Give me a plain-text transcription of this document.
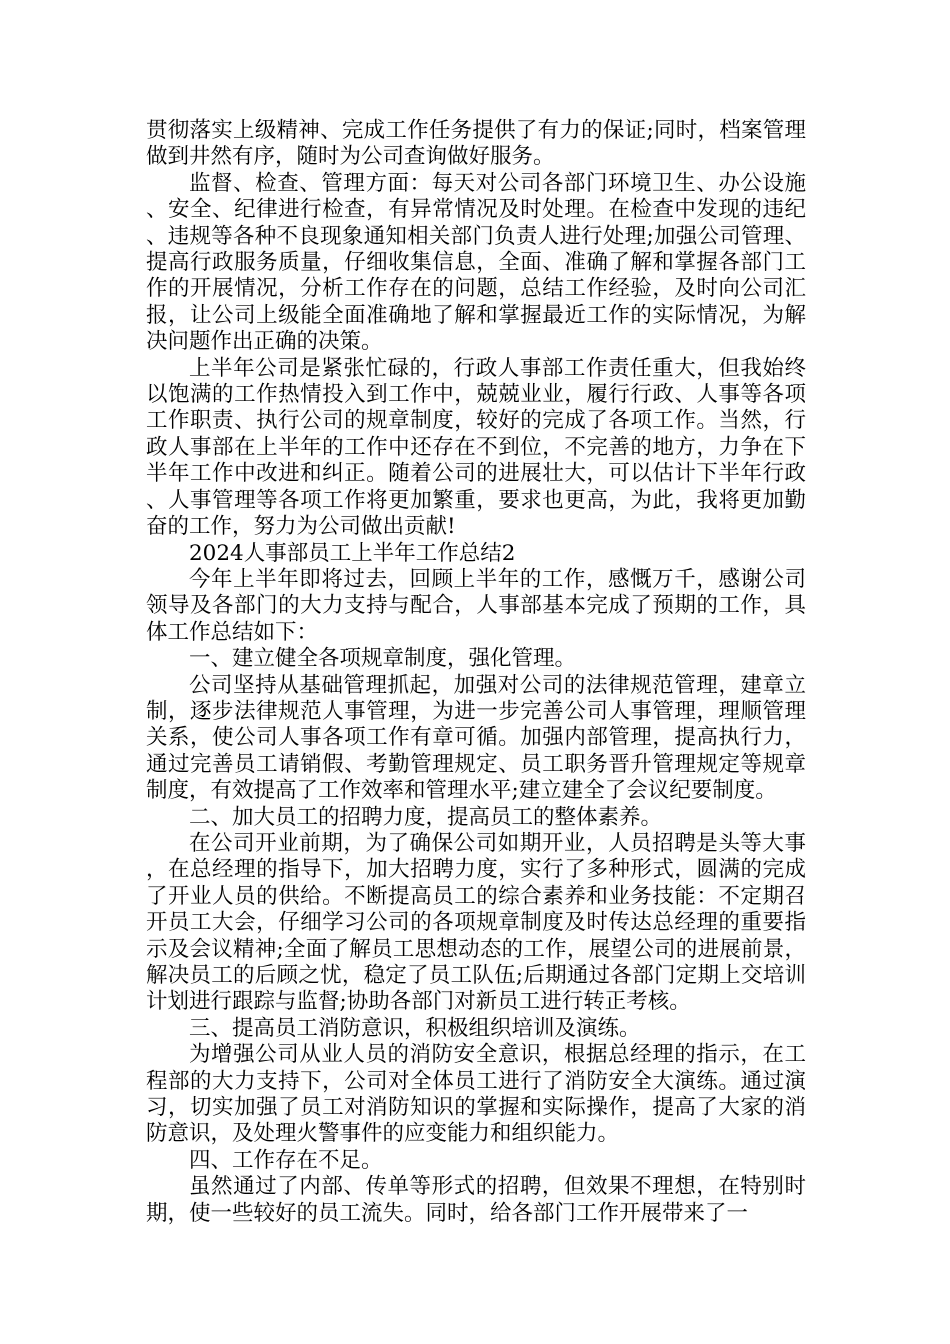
贯彻落实上级精神、完成工作任务提供了有力的保证;同时，档案管理做到井然有序，随时为公司查询做好服务。

监督、检查、管理方面：每天对公司各部门环境卫生、办公设施、安全、纪律进行检查，有异常情况及时处理。在检查中发现的违纪、违规等各种不良现象通知相关部门负责人进行处理;加强公司管理、提高行政服务质量，仔细收集信息，全面、准确了解和掌握各部门工作的开展情况，分析工作存在的问题，总结工作经验，及时向公司汇报，让公司上级能全面准确地了解和掌握最近工作的实际情况，为解决问题作出正确的决策。

上半年公司是紧张忙碌的，行政人事部工作责任重大，但我始终以饱满的工作热情投入到工作中，兢兢业业，履行行政、人事等各项工作职责、执行公司的规章制度，较好的完成了各项工作。当然，行政人事部在上半年的工作中还存在不到位，不完善的地方，力争在下半年工作中改进和纠正。随着公司的进展壮大，可以估计下半年行政、人事管理等各项工作将更加繁重，要求也更高，为此，我将更加勤奋的工作，努力为公司做出贡献!

2024人事部员工上半年工作总结2

今年上半年即将过去，回顾上半年的工作，感慨万千，感谢公司领导及各部门的大力支持与配合，人事部基本完成了预期的工作，具体工作总结如下：

一、建立健全各项规章制度，强化管理。

公司坚持从基础管理抓起，加强对公司的法律规范管理，建章立制，逐步法律规范人事管理，为进一步完善公司人事管理，理顺管理关系，使公司人事各项工作有章可循。加强内部管理，提高执行力，通过完善员工请销假、考勤管理规定、员工职务晋升管理规定等规章制度，有效提高了工作效率和管理水平;建立建全了会议纪要制度。

二、加大员工的招聘力度，提高员工的整体素养。

在公司开业前期，为了确保公司如期开业，人员招聘是头等大事，在总经理的指导下，加大招聘力度，实行了多种形式，圆满的完成了开业人员的供给。不断提高员工的综合素养和业务技能：不定期召开员工大会，仔细学习公司的各项规章制度及时传达总经理的重要指示及会议精神;全面了解员工思想动态的工作，展望公司的进展前景，解决员工的后顾之忧，稳定了员工队伍;后期通过各部门定期上交培训计划进行跟踪与监督;协助各部门对新员工进行转正考核。

三、提高员工消防意识，积极组织培训及演练。

为增强公司从业人员的消防安全意识，根据总经理的指示，在工程部的大力支持下，公司对全体员工进行了消防安全大演练。通过演习，切实加强了员工对消防知识的掌握和实际操作，提高了大家的消防意识，及处理火警事件的应变能力和组织能力。

四、工作存在不足。

虽然通过了内部、传单等形式的招聘，但效果不理想，在特别时期，使一些较好的员工流失。同时，给各部门工作开展带来了一
